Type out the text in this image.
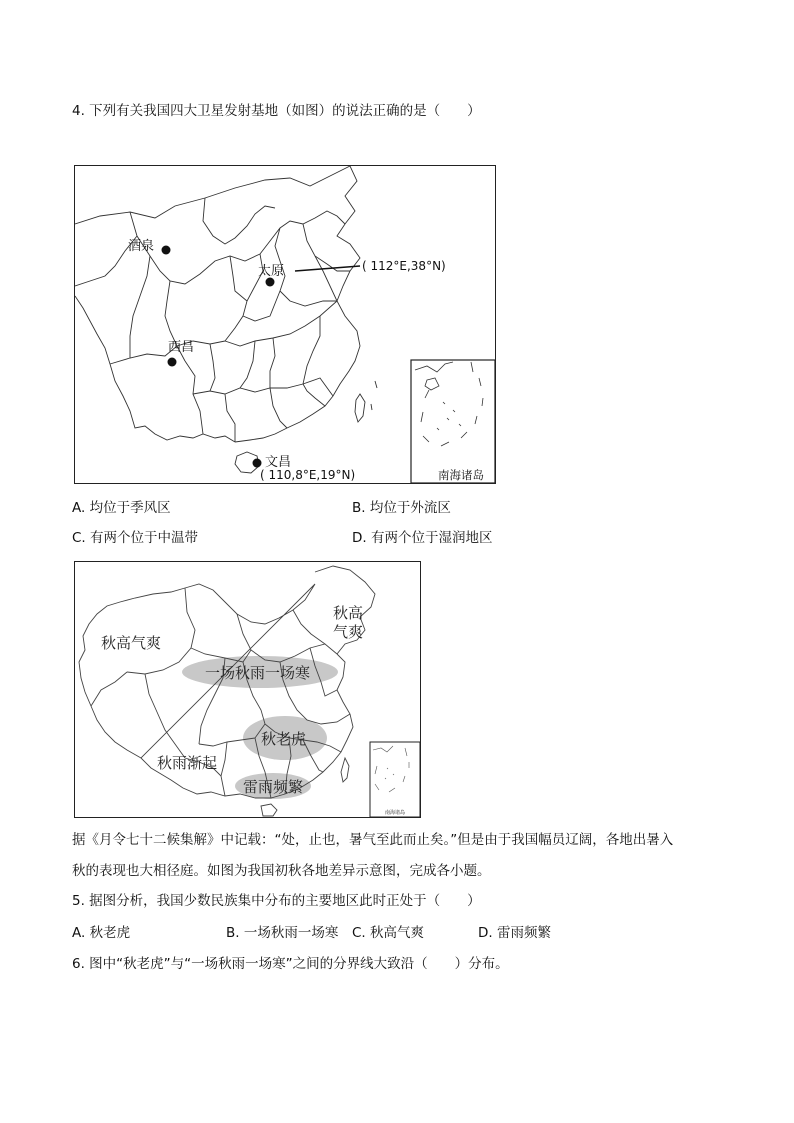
4. 下列有关我国四大卫星发射基地（如图）的说法正确的是（　　）
酒泉
太原
西昌
文昌
( 112°E,38°N)
( 110,8°E,19°N)	南海诸岛
A. 均位于季风区	B. 均位于外流区
C. 有两个位于中温带	D. 有两个位于湿润地区
秋高
气爽
秋高气爽
一场秋雨一场寒
秋老虎
秋雨渐起
雷雨频繁
南海诸岛
据《月令七十二候集解》中记载：“处，止也，暑气至此而止矣。”但是由于我国幅员辽阔，各地出暑入
秋的表现也大相径庭。如图为我国初秋各地差异示意图，完成各小题。
5. 据图分析，我国少数民族集中分布的主要地区此时正处于（　　）
A. 秋老虎	B. 一场秋雨一场寒 C. 秋高气爽	D. 雷雨频繁
6. 图中“秋老虎”与“一场秋雨一场寒”之间的分界线大致沿（　　）分布。
